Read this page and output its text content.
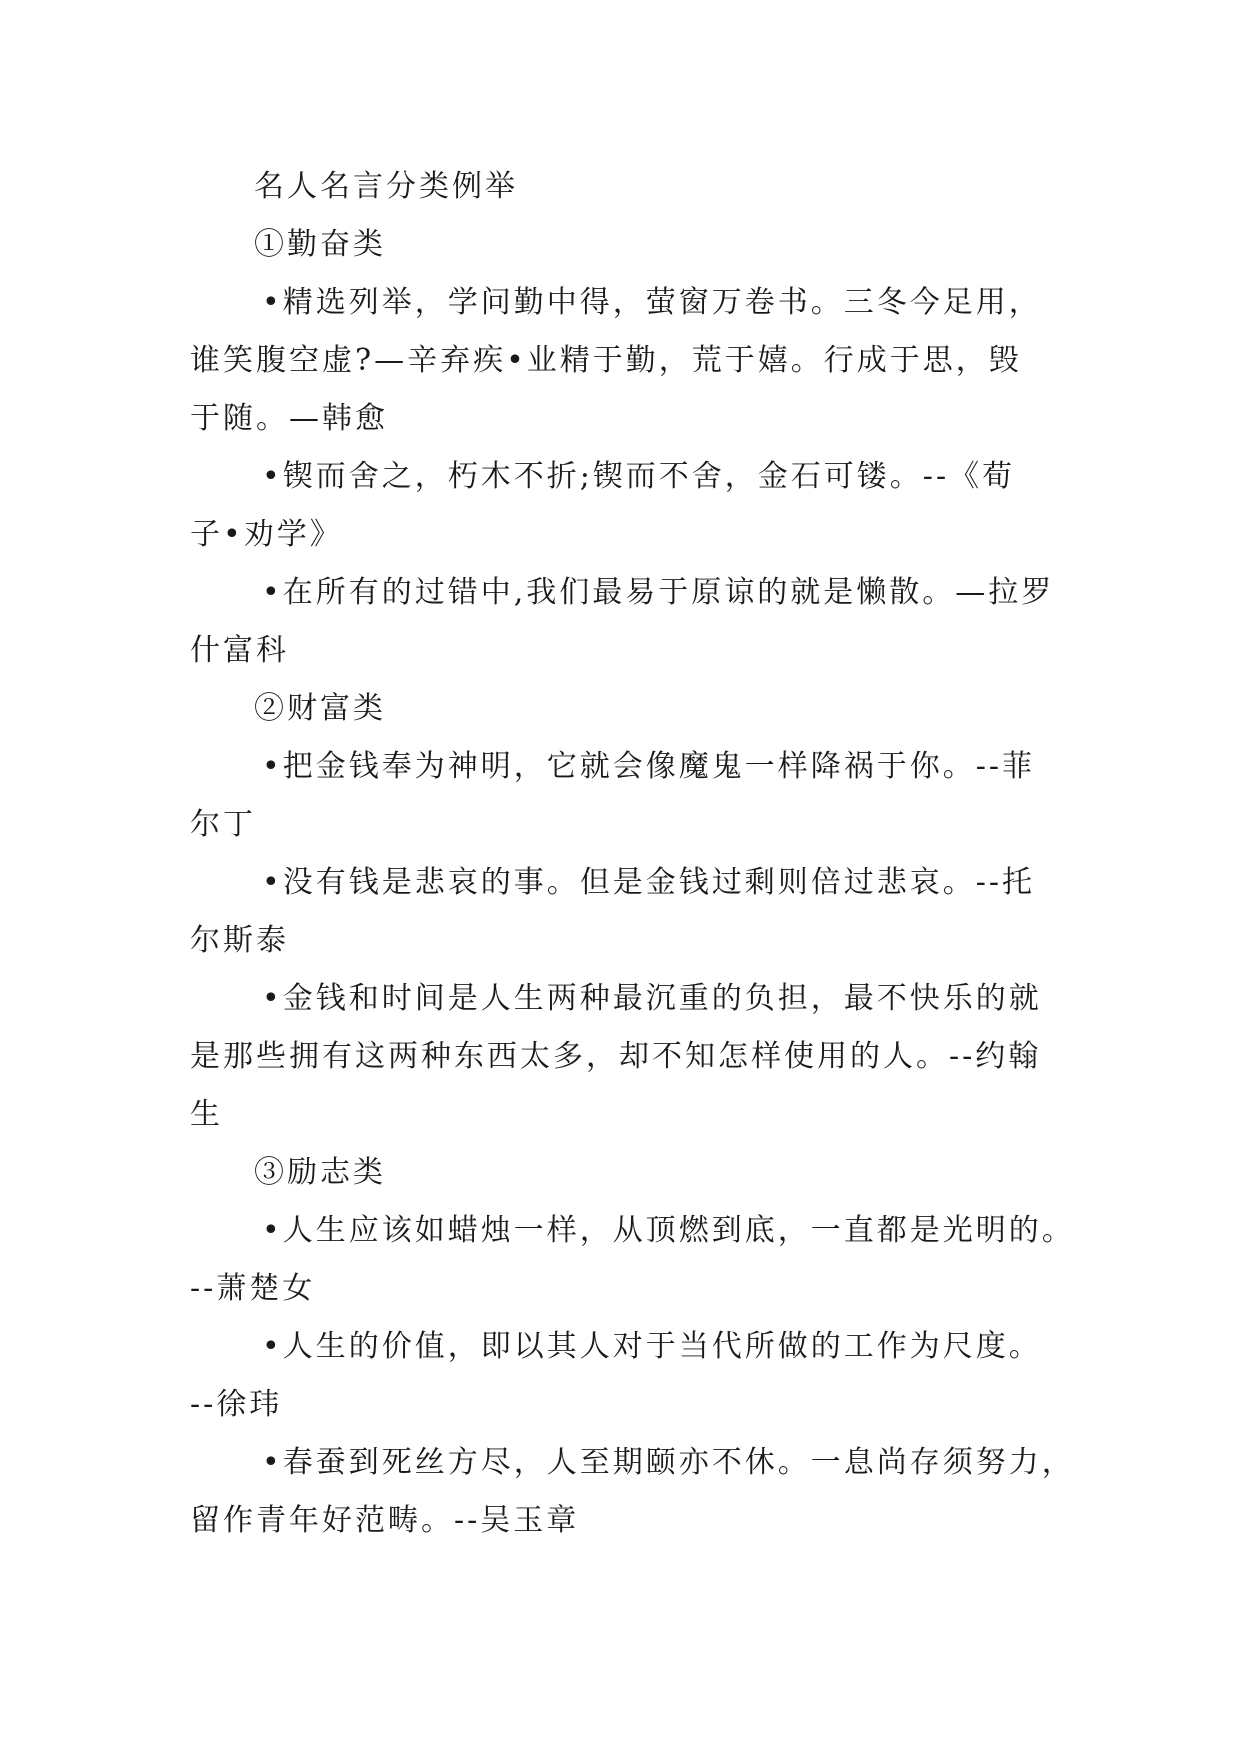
名人名言分类例举

①勤奋类

•精选列举，学问勤中得，萤窗万卷书。三冬今足用，

谁笑腹空虚?—辛弃疾•业精于勤，荒于嬉。行成于思，毁

于随。—韩愈

•锲而舍之，朽木不折;锲而不舍，金石可镂。--《荀

子•劝学》

•在所有的过错中,我们最易于原谅的就是懒散。—拉罗

什富科

②财富类

•把金钱奉为神明，它就会像魔鬼一样降祸于你。--菲

尔丁

•没有钱是悲哀的事。但是金钱过剩则倍过悲哀。--托

尔斯泰

•金钱和时间是人生两种最沉重的负担，最不快乐的就

是那些拥有这两种东西太多，却不知怎样使用的人。--约翰

生

③励志类

•人生应该如蜡烛一样，从顶燃到底，一直都是光明的。

--萧楚女

•人生的价值，即以其人对于当代所做的工作为尺度。

--徐玮

•春蚕到死丝方尽，人至期颐亦不休。一息尚存须努力，

留作青年好范畴。--吴玉章
